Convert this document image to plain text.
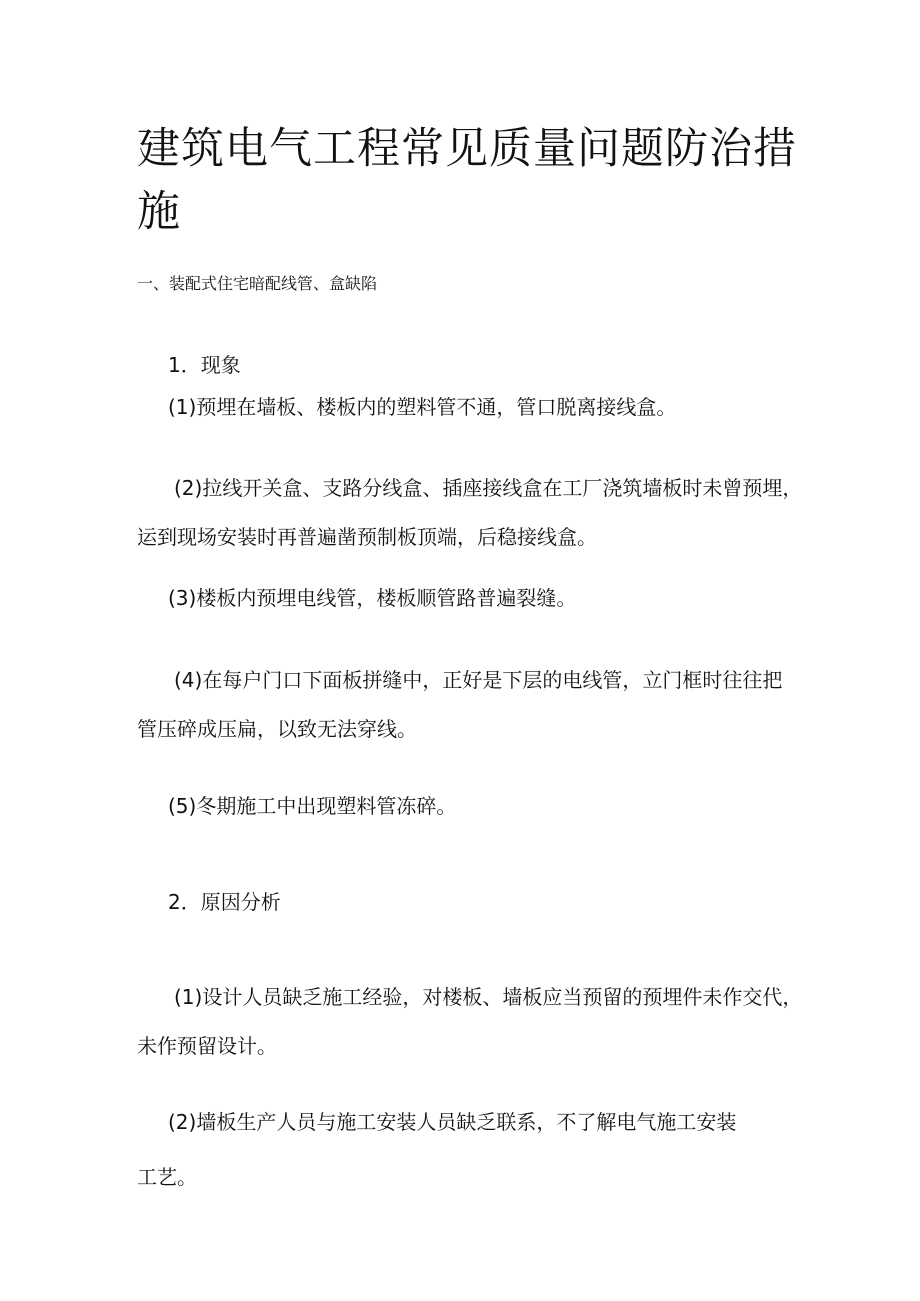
建筑电气工程常见质量问题防治措
施
一、装配式住宅暗配线管、盒缺陷
1．现象

(1)预埋在墙板、楼板内的塑料管不通，管口脱离接线盒。

(2)拉线开关盒、支路分线盒、插座接线盒在工厂浇筑墙板时未曾预埋，
运到现场安装时再普遍凿预制板顶端，后稳接线盒。

(3)楼板内预埋电线管，楼板顺管路普遍裂缝。

(4)在每户门口下面板拼缝中，正好是下层的电线管，立门框时往往把
管压碎成压扁，以致无法穿线。

(5)冬期施工中出现塑料管冻碎。

2．原因分析

(1)设计人员缺乏施工经验，对楼板、墙板应当预留的预埋件未作交代，
未作预留设计。

(2)墙板生产人员与施工安装人员缺乏联系，不了解电气施工安装
工艺。
